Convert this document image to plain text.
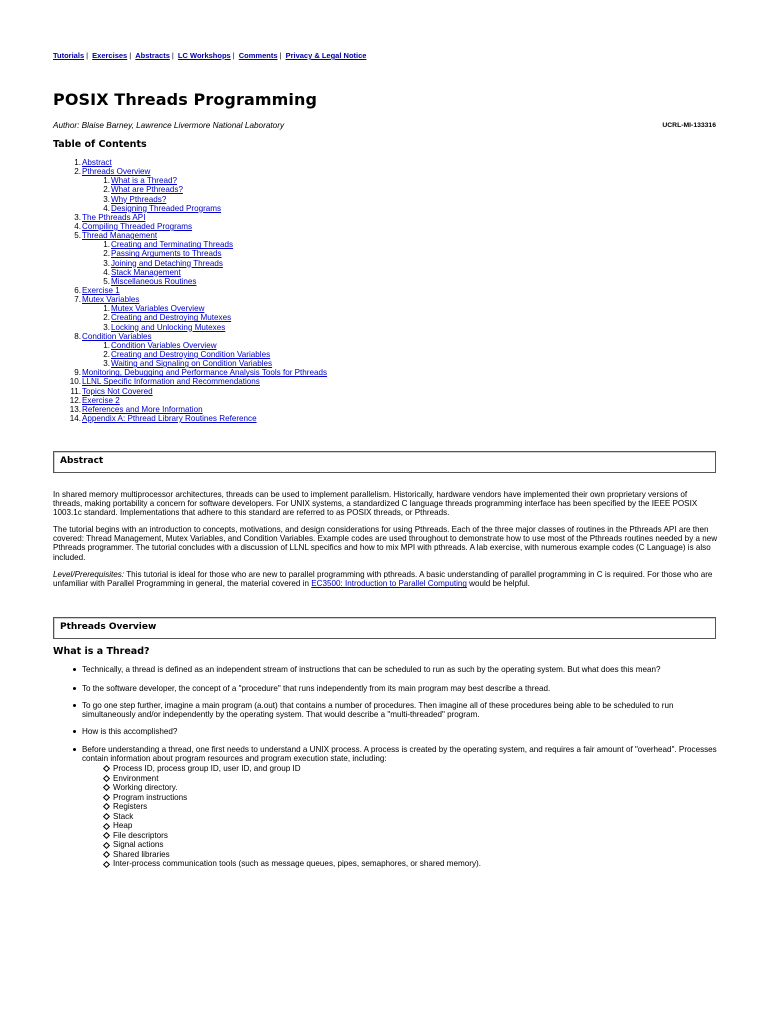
Tutorials | Exercises | Abstracts | LC Workshops | Comments | Privacy & Legal Notice
POSIX Threads Programming
Author: Blaise Barney, Lawrence Livermore National Laboratory	UCRL-MI-133316
Table of Contents
1. Abstract
2. Pthreads Overview
1. What is a Thread?
2. What are Pthreads?
3. Why Pthreads?
4. Designing Threaded Programs
3. The Pthreads API
4. Compiling Threaded Programs
5. Thread Management
1. Creating and Terminating Threads
2. Passing Arguments to Threads
3. Joining and Detaching Threads
4. Stack Management
5. Miscellaneous Routines
6. Exercise 1
7. Mutex Variables
1. Mutex Variables Overview
2. Creating and Destroying Mutexes
3. Locking and Unlocking Mutexes
8. Condition Variables
1. Condition Variables Overview
2. Creating and Destroying Condition Variables
3. Waiting and Signaling on Condition Variables
9. Monitoring, Debugging and Performance Analysis Tools for Pthreads
10. LLNL Specific Information and Recommendations
11. Topics Not Covered
12. Exercise 2
13. References and More Information
14. Appendix A: Pthread Library Routines Reference
Abstract

In shared memory multiprocessor architectures, threads can be used to implement parallelism. Historically, hardware vendors have implemented their own proprietary versions of threads, making portability a concern for software developers. For UNIX systems, a standardized C language threads programming interface has been specified by the IEEE POSIX 1003.1c standard. Implementations that adhere to this standard are referred to as POSIX threads, or Pthreads.

The tutorial begins with an introduction to concepts, motivations, and design considerations for using Pthreads. Each of the three major classes of routines in the Pthreads API are then covered: Thread Management, Mutex Variables, and Condition Variables. Example codes are used throughout to demonstrate how to use most of the Pthreads routines needed by a new Pthreads programmer. The tutorial concludes with a discussion of LLNL specifics and how to mix MPI with pthreads. A lab exercise, with numerous example codes (C Language) is also included.

Level/Prerequisites: This tutorial is ideal for those who are new to parallel programming with pthreads. A basic understanding of parallel programming in C is required. For those who are unfamiliar with Parallel Programming in general, the material covered in EC3500: Introduction to Parallel Computing would be helpful.

Pthreads Overview
What is a Thread?
Technically, a thread is defined as an independent stream of instructions that can be scheduled to run as such by the operating system. But what does this mean?
To the software developer, the concept of a "procedure" that runs independently from its main program may best describe a thread.
To go one step further, imagine a main program (a.out) that contains a number of procedures. Then imagine all of these procedures being able to be scheduled to run simultaneously and/or independently by the operating system. That would describe a "multi-threaded" program.
How is this accomplished?
Before understanding a thread, one first needs to understand a UNIX process. A process is created by the operating system, and requires a fair amount of "overhead". Processes contain information about program resources and program execution state, including:
Process ID, process group ID, user ID, and group ID
Environment
Working directory.
Program instructions
Registers
Stack
Heap
File descriptors
Signal actions
Shared libraries
Inter-process communication tools (such as message queues, pipes, semaphores, or shared memory).
